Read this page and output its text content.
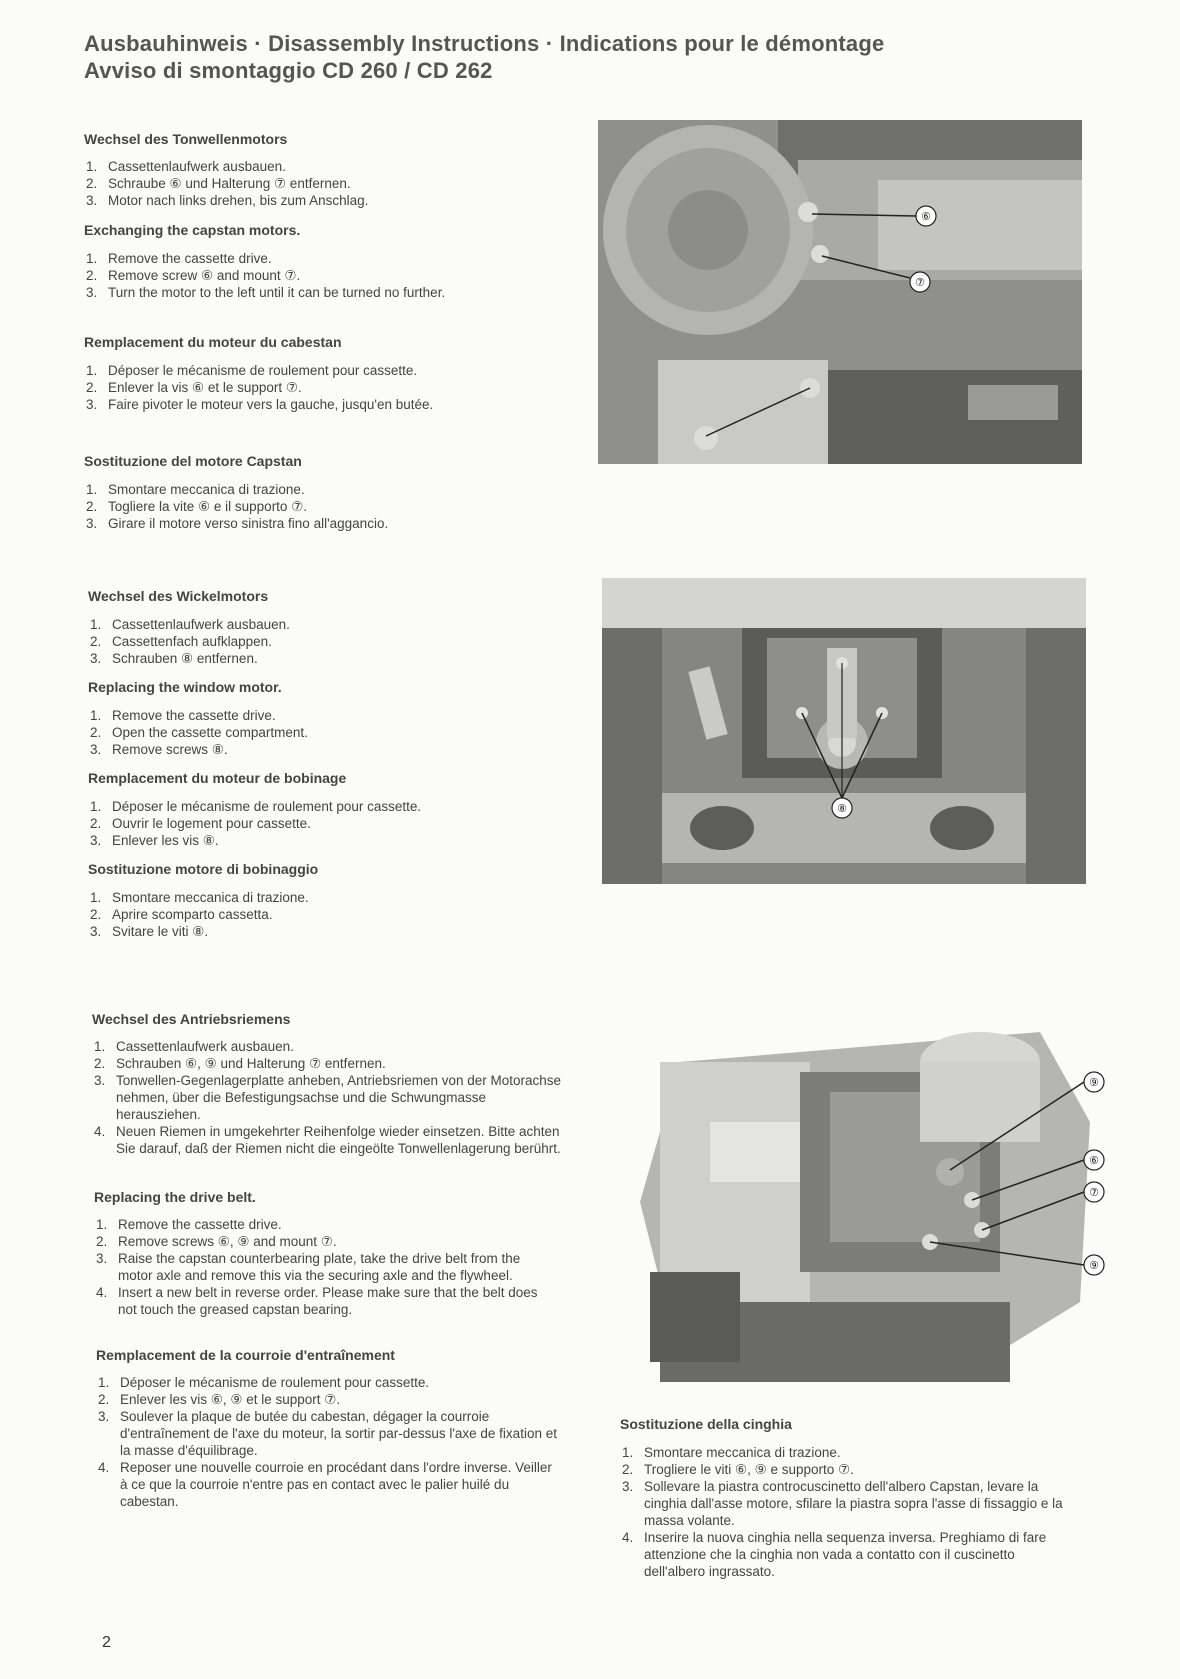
Ausbauhinweis · Disassembly Instructions · Indications pour le démontage
Avviso di smontaggio CD 260 / CD 262
Wechsel des Tonwellenmotors
1. Cassettenlaufwerk ausbauen.
2. Schraube ⑥ und Halterung ⑦ entfernen.
3. Motor nach links drehen, bis zum Anschlag.
Exchanging the capstan motors.
1. Remove the cassette drive.
2. Remove screw ⑥ and mount ⑦.
3. Turn the motor to the left until it can be turned no further.
Remplacement du moteur du cabestan
1. Déposer le mécanisme de roulement pour cassette.
2. Enlever la vis ⑥ et le support ⑦.
3. Faire pivoter le moteur vers la gauche, jusqu'en butée.
Sostituzione del motore Capstan
1. Smontare meccanica di trazione.
2. Togliere la vite ⑥ e il supporto ⑦.
3. Girare il motore verso sinistra fino all'aggancio.
⑥
⑦
Wechsel des Wickelmotors
1. Cassettenlaufwerk ausbauen.
2. Cassettenfach aufklappen.
3. Schrauben ⑧ entfernen.
Replacing the window motor.
1. Remove the cassette drive.
2. Open the cassette compartment.
3. Remove screws ⑧.
Remplacement du moteur de bobinage
1. Déposer le mécanisme de roulement pour cassette.
2. Ouvrir le logement pour cassette.
3. Enlever les vis ⑧.
Sostituzione motore di bobinaggio
1. Smontare meccanica di trazione.
2. Aprire scomparto cassetta.
3. Svitare le viti ⑧.
⑧
Wechsel des Antriebsriemens
1. Cassettenlaufwerk ausbauen.
2. Schrauben ⑥, ⑨ und Halterung ⑦ entfernen.
3. Tonwellen-Gegenlagerplatte anheben, Antriebsriemen von der Motorachse nehmen, über die Befestigungsachse und die Schwungmasse herausziehen.
4. Neuen Riemen in umgekehrter Reihenfolge wieder einsetzen. Bitte achten Sie darauf, daß der Riemen nicht die eingeölte Tonwellenlagerung berührt.
Replacing the drive belt.
1. Remove the cassette drive.
2. Remove screws ⑥, ⑨ and mount ⑦.
3. Raise the capstan counterbearing plate, take the drive belt from the motor axle and remove this via the securing axle and the flywheel.
4. Insert a new belt in reverse order. Please make sure that the belt does not touch the greased capstan bearing.
Remplacement de la courroie d'entraînement
1. Déposer le mécanisme de roulement pour cassette.
2. Enlever les vis ⑥, ⑨ et le support ⑦.
3. Soulever la plaque de butée du cabestan, dégager la courroie d'entraînement de l'axe du moteur, la sortir par-dessus l'axe de fixation et la masse d'équilibrage.
4. Reposer une nouvelle courroie en procédant dans l'ordre inverse. Veiller à ce que la courroie n'entre pas en contact avec le palier huilé du cabestan.
Sostituzione della cinghia
1. Smontare meccanica di trazione.
2. Trogliere le viti ⑥, ⑨ e supporto ⑦.
3. Sollevare la piastra controcuscinetto dell'albero Capstan, levare la cinghia dall'asse motore, sfilare la piastra sopra l'asse di fissaggio e la massa volante.
4. Inserire la nuova cinghia nella sequenza inversa. Preghiamo di fare attenzione che la cinghia non vada a contatto con il cuscinetto dell'albero ingrassato.
⑨
⑥
⑦
⑨
2
